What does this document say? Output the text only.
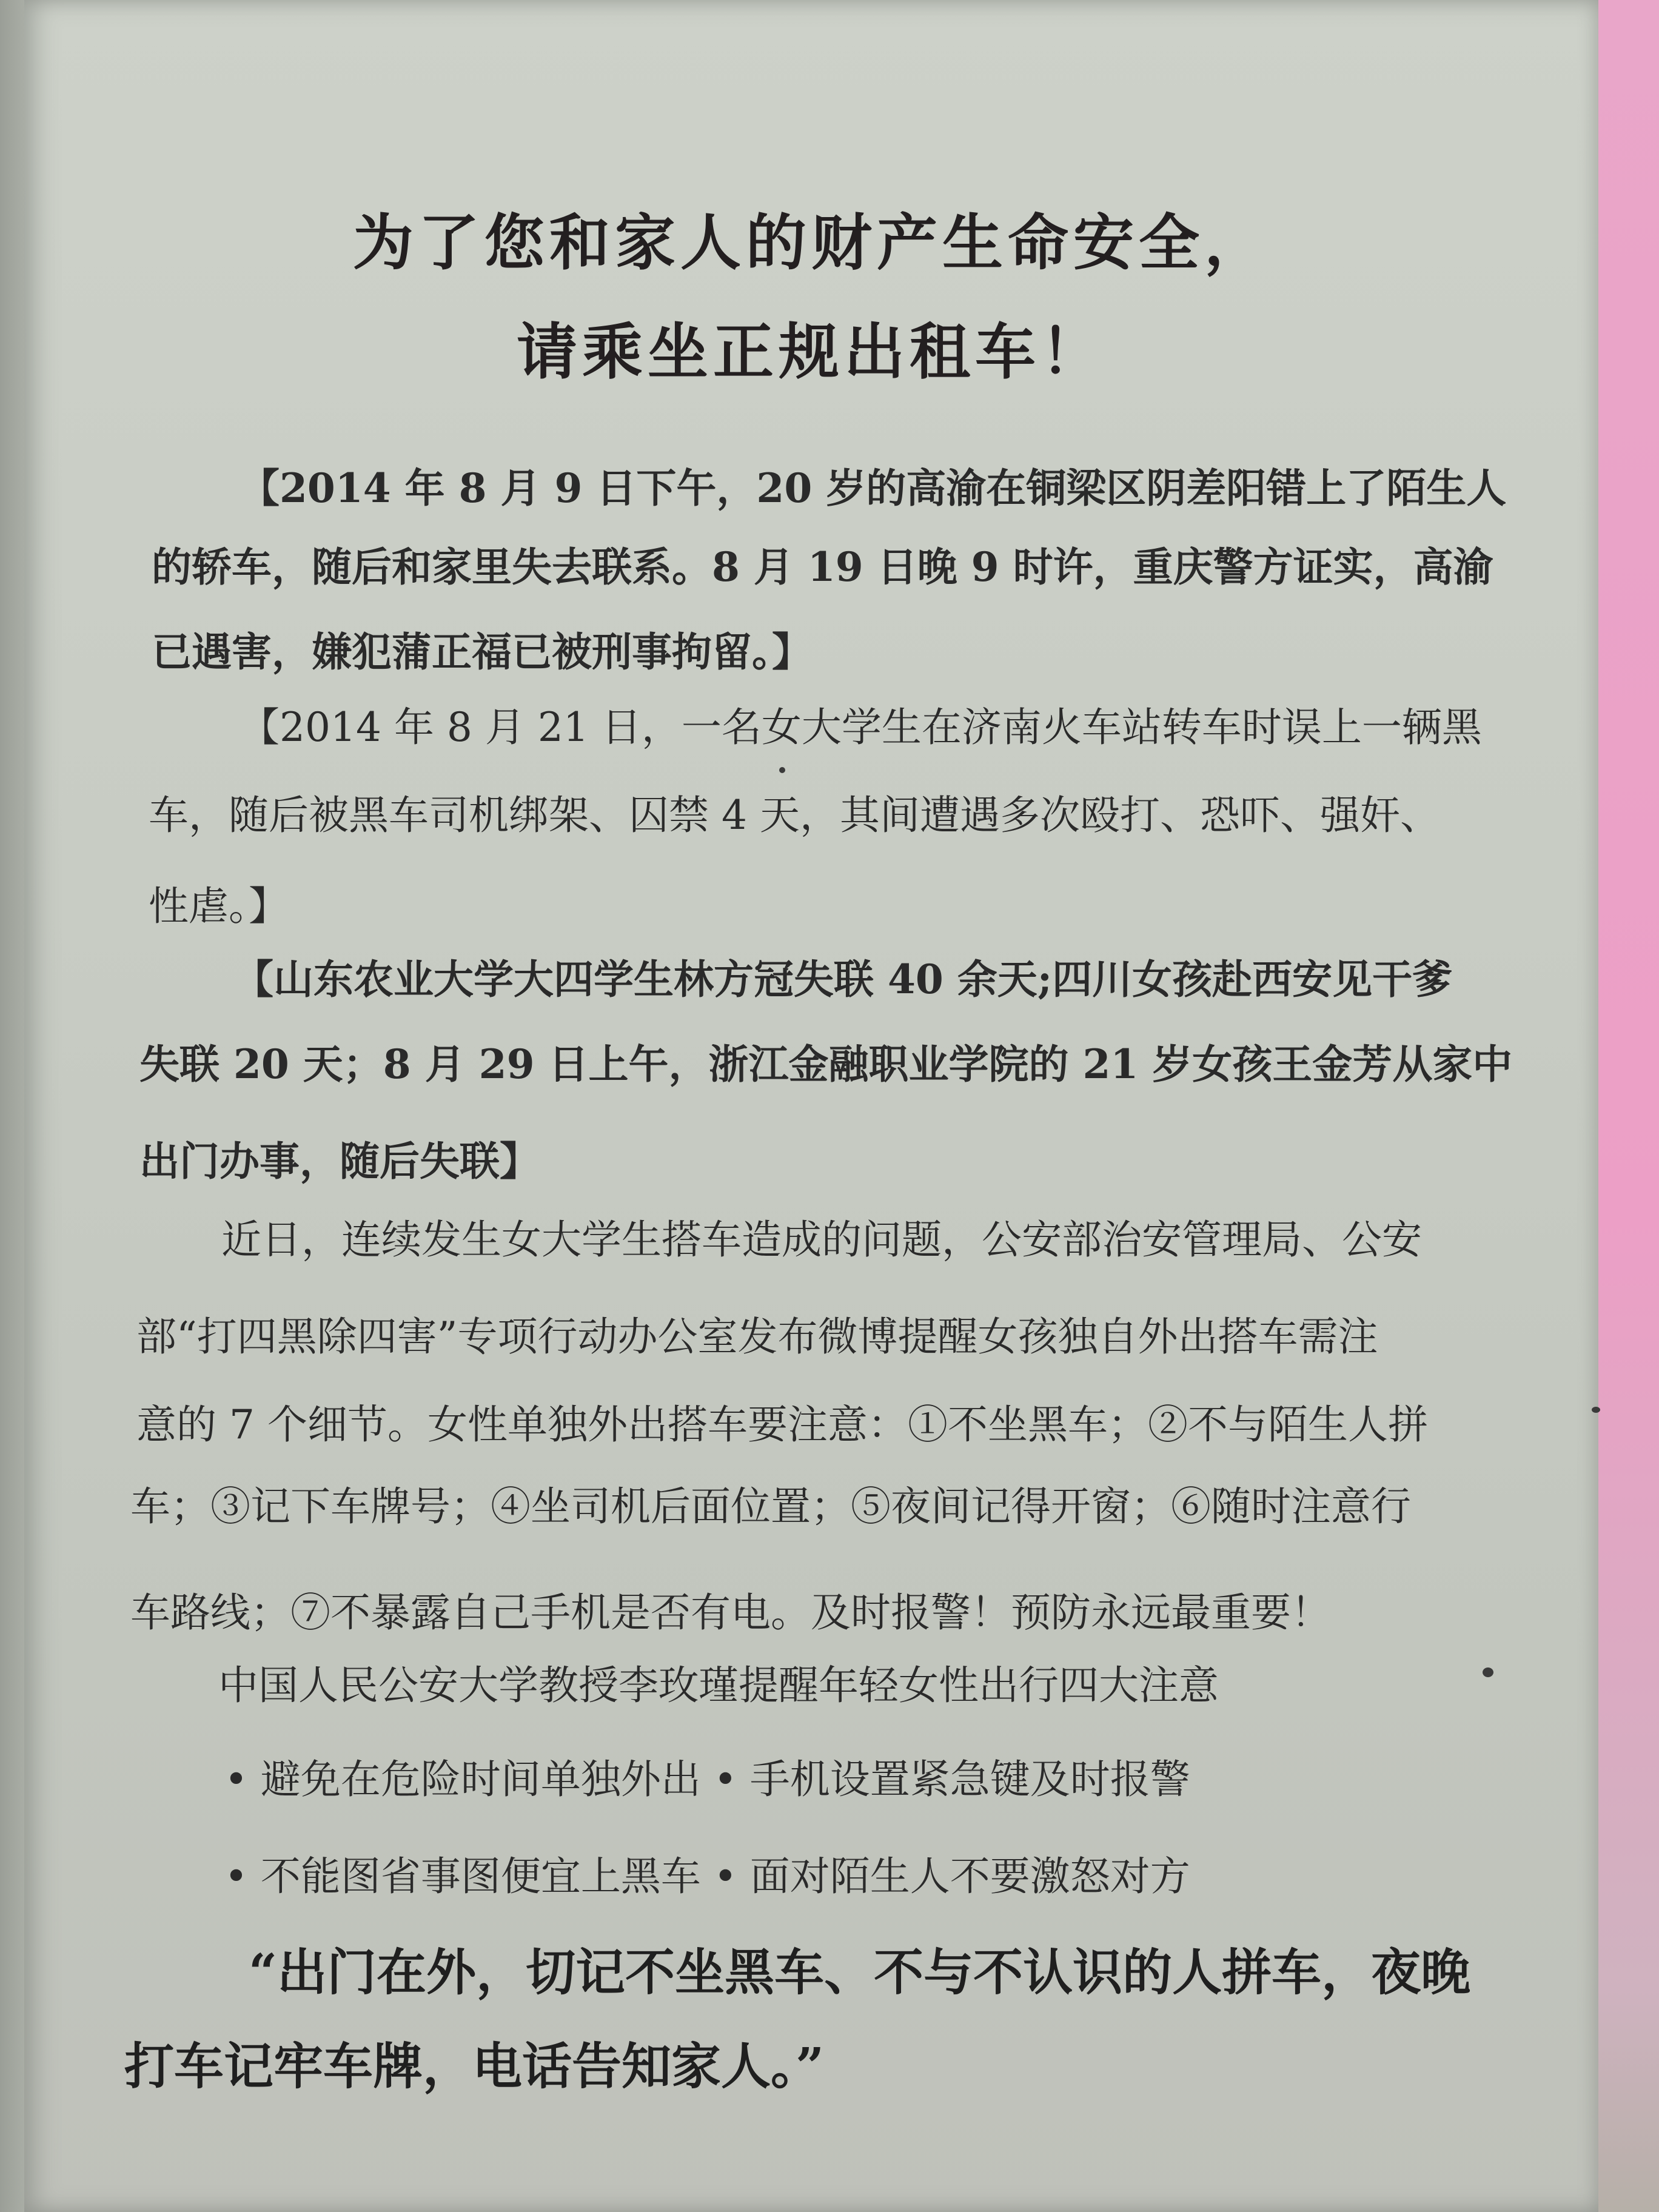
为了您和家人的财产生命安全，
请乘坐正规出租车！
【2014 年 8 月 9 日下午，20 岁的高渝在铜梁区阴差阳错上了陌生人
的轿车，随后和家里失去联系。8 月 19 日晚 9 时许，重庆警方证实，高渝
已遇害，嫌犯蒲正福已被刑事拘留。】
【2014 年 8 月 21 日，一名女大学生在济南火车站转车时误上一辆黑
车，随后被黑车司机绑架、囚禁 4 天，其间遭遇多次殴打、恐吓、强奸、
性虐。】
【山东农业大学大四学生林方冠失联 40 余天;四川女孩赴西安见干爹
失联 20 天；8 月 29 日上午，浙江金融职业学院的 21 岁女孩王金芳从家中
出门办事，随后失联】
近日，连续发生女大学生搭车造成的问题，公安部治安管理局、公安
部“打四黑除四害”专项行动办公室发布微博提醒女孩独自外出搭车需注
意的 7 个细节。女性单独外出搭车要注意：①不坐黑车；②不与陌生人拼
车；③记下车牌号；④坐司机后面位置；⑤夜间记得开窗；⑥随时注意行
车路线；⑦不暴露自己手机是否有电。及时报警！预防永远最重要！
中国人民公安大学教授李玫瑾提醒年轻女性出行四大注意
• 避免在危险时间单独外出 • 手机设置紧急键及时报警
• 不能图省事图便宜上黑车 • 面对陌生人不要激怒对方
“出门在外，切记不坐黑车、不与不认识的人拼车，夜晚
打车记牢车牌，电话告知家人。”
